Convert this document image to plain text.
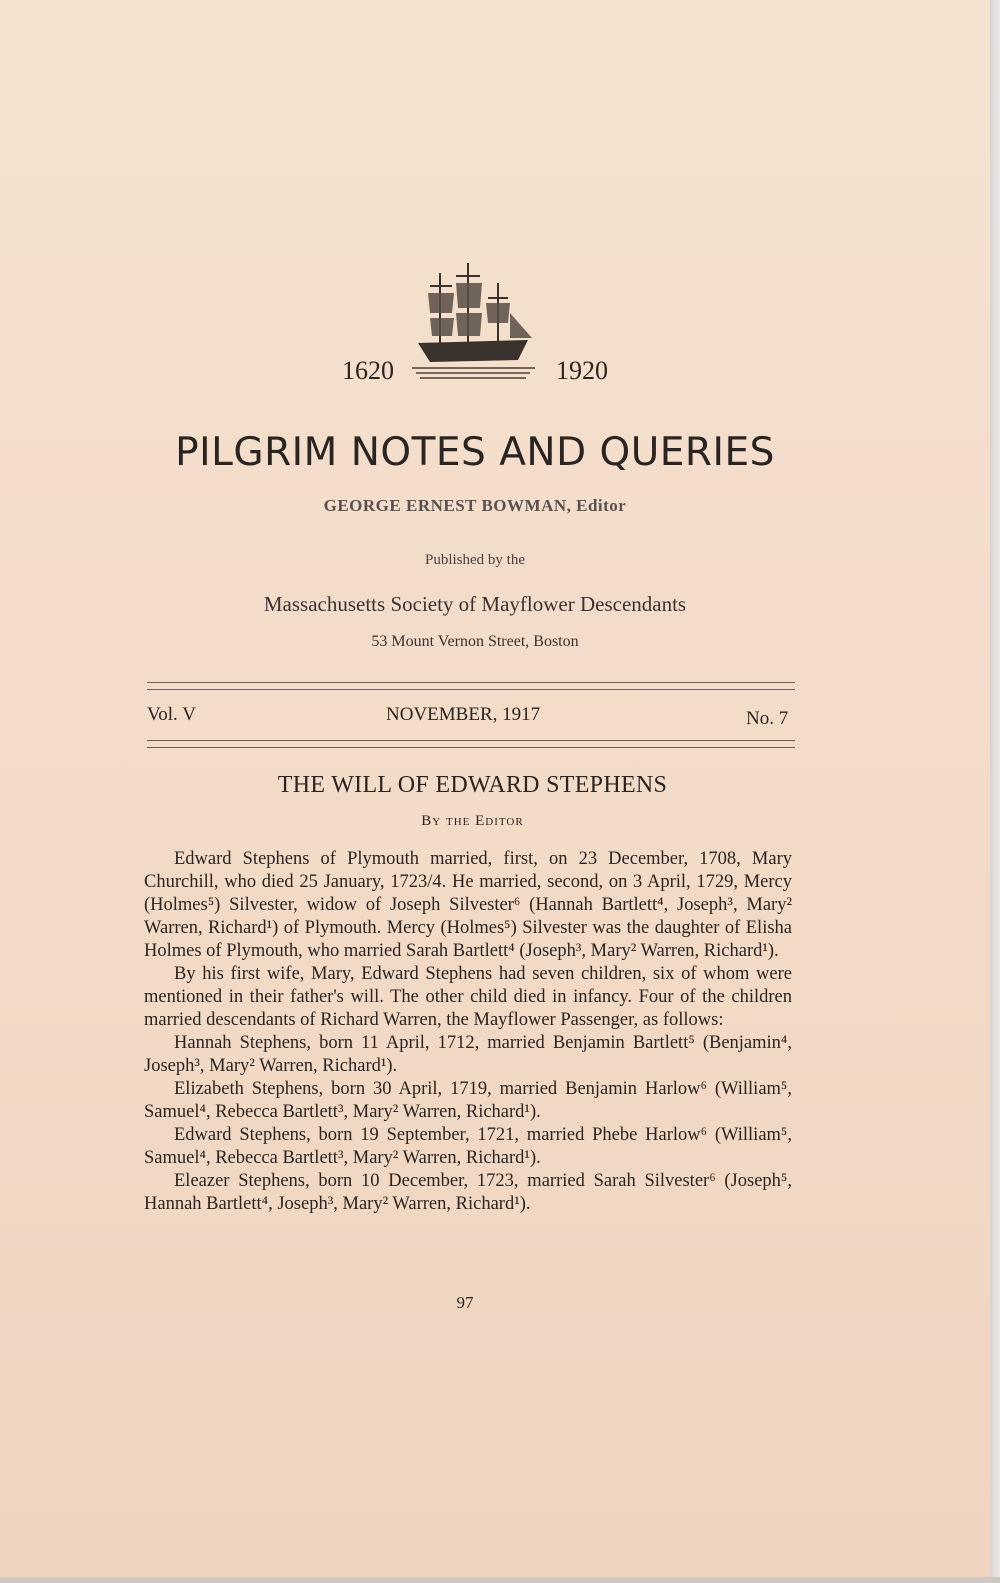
1620	1920
PILGRIM NOTES AND QUERIES
GEORGE ERNEST BOWMAN, Editor
Published by the
Massachusetts Society of Mayflower Descendants
53 Mount Vernon Street, Boston
Vol. V	NOVEMBER, 1917	No. 7
THE WILL OF EDWARD STEPHENS
By the Editor

Edward Stephens of Plymouth married, first, on 23 December, 1708, Mary Churchill, who died 25 January, 1723/4. He married, second, on 3 April, 1729, Mercy (Holmes⁵) Silvester, widow of Joseph Silvester⁶ (Hannah Bartlett⁴, Joseph³, Mary² Warren, Richard¹) of Plymouth. Mercy (Holmes⁵) Silvester was the daughter of Elisha Holmes of Plymouth, who married Sarah Bartlett⁴ (Joseph³, Mary² Warren, Richard¹).

By his first wife, Mary, Edward Stephens had seven children, six of whom were mentioned in their father's will. The other child died in infancy. Four of the children married descendants of Richard Warren, the Mayflower Passenger, as follows:

Hannah Stephens, born 11 April, 1712, married Benjamin Bartlett⁵ (Benjamin⁴, Joseph³, Mary² Warren, Richard¹).

Elizabeth Stephens, born 30 April, 1719, married Benjamin Harlow⁶ (William⁵, Samuel⁴, Rebecca Bartlett³, Mary² Warren, Richard¹).

Edward Stephens, born 19 September, 1721, married Phebe Harlow⁶ (William⁵, Samuel⁴, Rebecca Bartlett³, Mary² Warren, Richard¹).

Eleazer Stephens, born 10 December, 1723, married Sarah Silvester⁶ (Joseph⁵, Hannah Bartlett⁴, Joseph³, Mary² Warren, Richard¹).

97
